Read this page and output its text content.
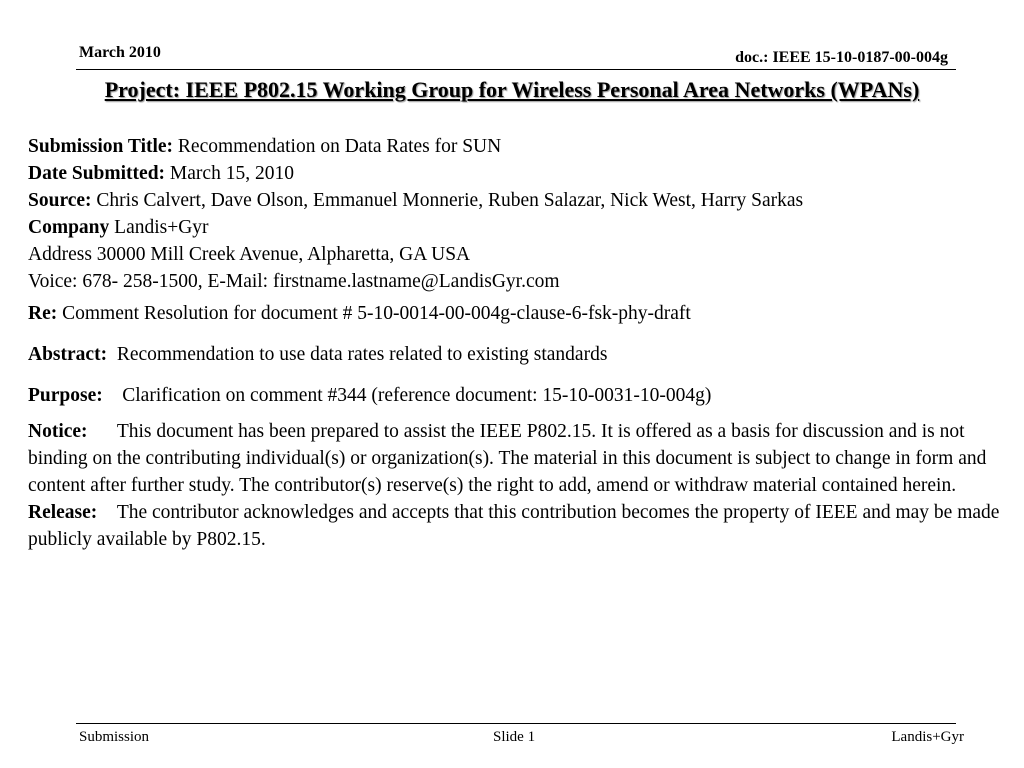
March 2010	doc.: IEEE 15-10-0187-00-004g
Project: IEEE P802.15 Working Group for Wireless Personal Area Networks (WPANs)
Submission Title: Recommendation on Data Rates for SUN
Date Submitted: March 15, 2010
Source: Chris Calvert, Dave Olson, Emmanuel Monnerie, Ruben Salazar, Nick West, Harry Sarkas
Company Landis+Gyr
Address 30000 Mill Creek Avenue, Alpharetta, GA USA
Voice: 678- 258-1500, E-Mail: firstname.lastname@LandisGyr.com
Re: Comment Resolution for document # 5-10-0014-00-004g-clause-6-fsk-phy-draft
Abstract: Recommendation to use data rates related to existing standards
Purpose: Clarification on comment #344 (reference document: 15-10-0031-10-004g)
Notice: This document has been prepared to assist the IEEE P802.15. It is offered as a basis for discussion and is not binding on the contributing individual(s) or organization(s). The material in this document is subject to change in form and content after further study. The contributor(s) reserve(s) the right to add, amend or withdraw material contained herein.
Release: The contributor acknowledges and accepts that this contribution becomes the property of IEEE and may be made publicly available by P802.15.
Submission	Slide 1	Landis+Gyr
